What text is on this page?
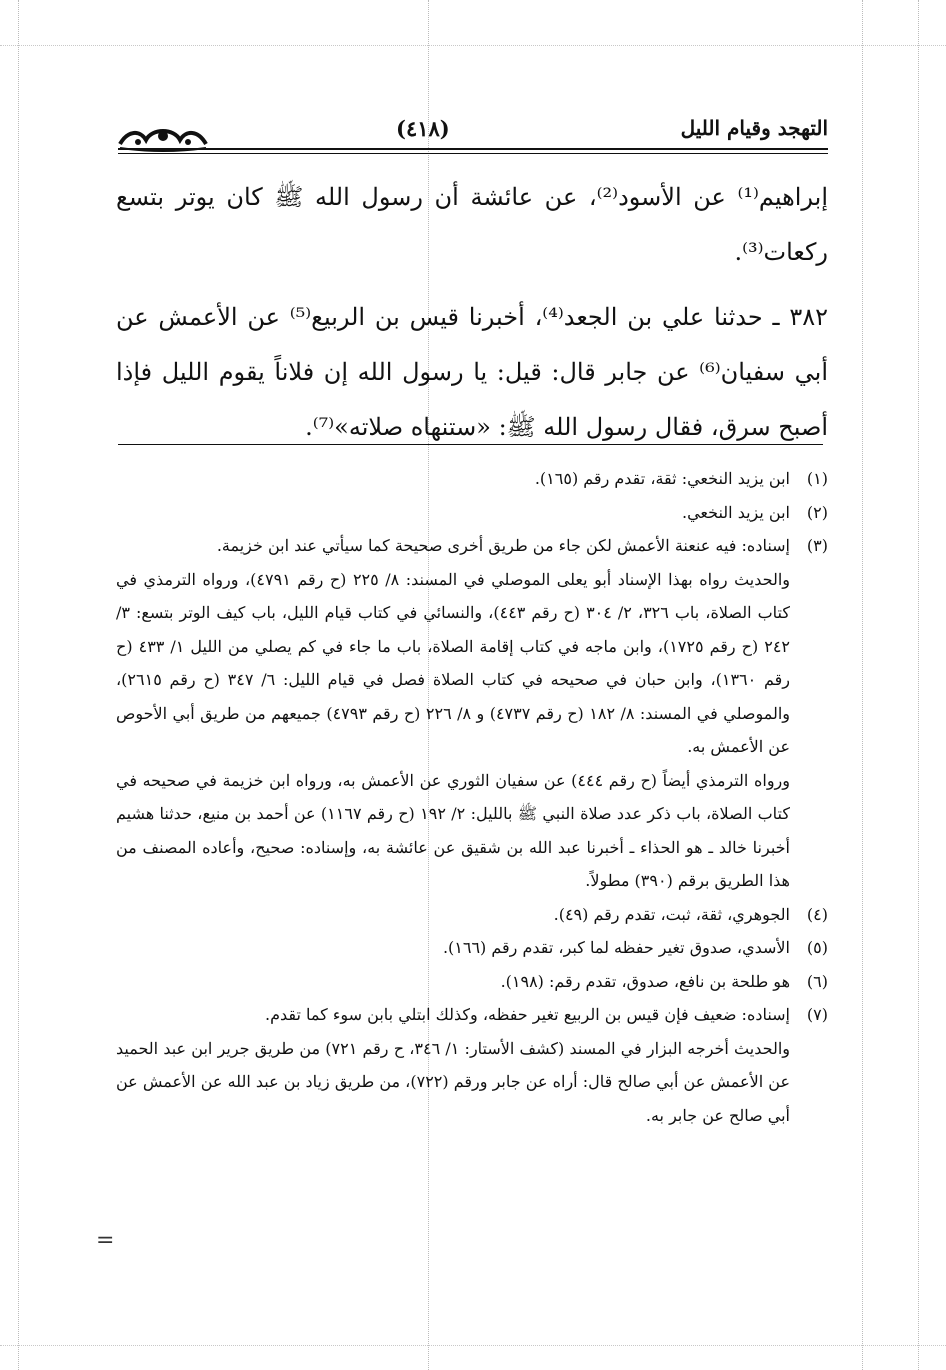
التهجد وقيام الليل
(٤١٨)

إبراهيم⁽¹⁾ عن الأسود⁽²⁾، عن عائشة أن رسول الله ﷺ كان يوتر بتسع ركعات⁽³⁾.

٣٨٢ ـ حدثنا علي بن الجعد⁽⁴⁾، أخبرنا قيس بن الربيع⁽⁵⁾ عن الأعمش عن أبي سفيان⁽⁶⁾ عن جابر قال: قيل: يا رسول الله إن فلاناً يقوم الليل فإذا أصبح سرق، فقال رسول الله ﷺ: «ستنهاه صلاته»⁽⁷⁾.

(١)
ابن يزيد النخعي: ثقة، تقدم رقم (١٦٥).
(٢)
ابن يزيد النخعي.
(٣)
إسناده: فيه عنعنة الأعمش لكن جاء من طريق أخرى صحيحة كما سيأتي عند ابن خزيمة.
والحديث رواه بهذا الإسناد أبو يعلى الموصلي في المسند: ٨/ ٢٢٥ (ح رقم ٤٧٩١)، ورواه الترمذي في كتاب الصلاة، باب ٣٢٦، ٢/ ٣٠٤ (ح رقم ٤٤٣)، والنسائي في كتاب قيام الليل، باب كيف الوتر بتسع: ٣/ ٢٤٢ (ح رقم ١٧٢٥)، وابن ماجه في كتاب إقامة الصلاة، باب ما جاء في كم يصلي من الليل ١/ ٤٣٣ (ح رقم ١٣٦٠)، وابن حبان في صحيحه في كتاب الصلاة فصل في قيام الليل: ٦/ ٣٤٧ (ح رقم ٢٦١٥)، والموصلي في المسند: ٨/ ١٨٢ (ح رقم ٤٧٣٧) و ٨/ ٢٢٦ (ح رقم ٤٧٩٣) جميعهم من طريق أبي الأحوص عن الأعمش به.
ورواه الترمذي أيضاً (ح رقم ٤٤٤) عن سفيان الثوري عن الأعمش به، ورواه ابن خزيمة في صحيحه في كتاب الصلاة، باب ذكر عدد صلاة النبي ﷺ بالليل: ٢/ ١٩٢ (ح رقم ١١٦٧) عن أحمد بن منيع، حدثنا هشيم أخبرنا خالد ـ هو الحذاء ـ أخبرنا عبد الله بن شقيق عن عائشة به، وإسناده: صحيح، وأعاده المصنف من هذا الطريق برقم (٣٩٠) مطولاً.
(٤)
الجوهري، ثقة، ثبت، تقدم رقم (٤٩).
(٥)
الأسدي، صدوق تغير حفظه لما كبر، تقدم رقم (١٦٦).
(٦)
هو طلحة بن نافع، صدوق، تقدم رقم: (١٩٨).
(٧)
إسناده: ضعيف فإن قيس بن الربيع تغير حفظه، وكذلك ابتلي بابن سوء كما تقدم.
والحديث أخرجه البزار في المسند (كشف الأستار: ١/ ٣٤٦، ح رقم ٧٢١) من طريق جرير ابن عبد الحميد عن الأعمش عن أبي صالح قال: أراه عن جابر ورقم (٧٢٢)، من طريق زياد بن عبد الله عن الأعمش عن أبي صالح عن جابر به.
=
